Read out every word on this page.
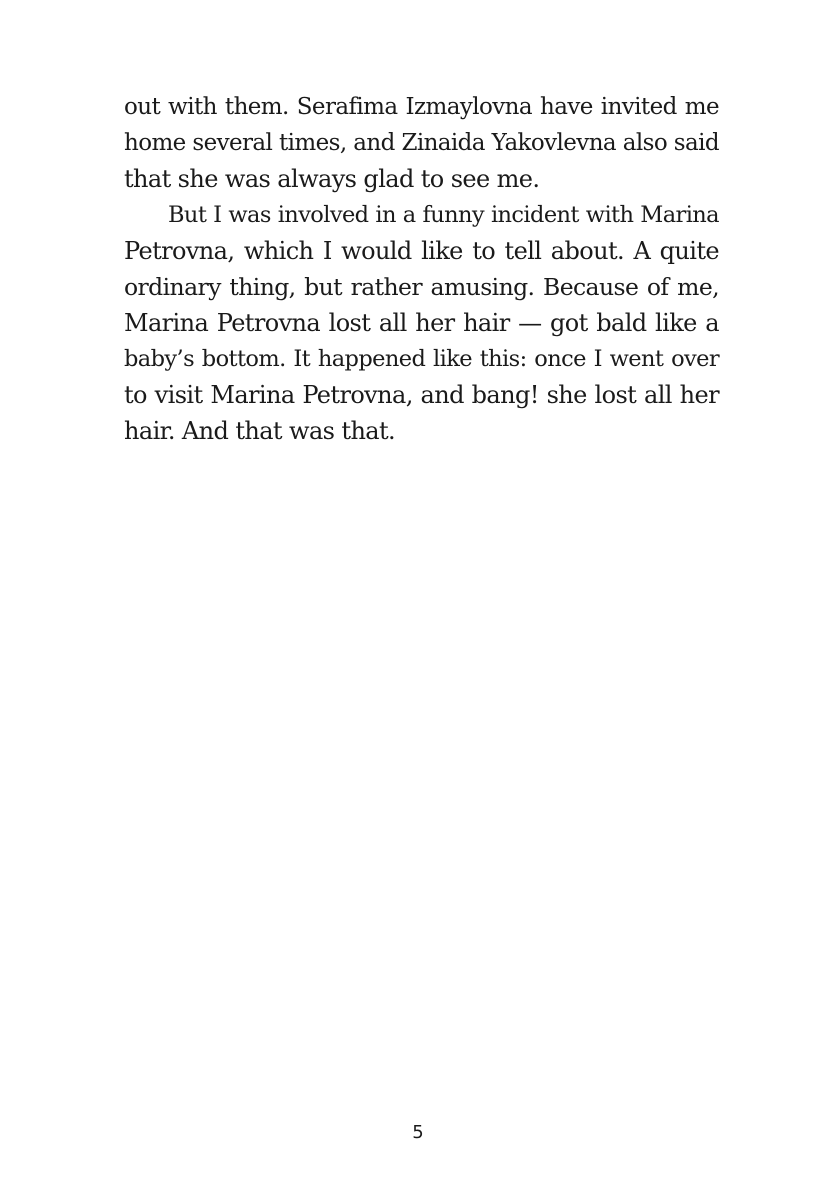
out with them. Serafima Izmaylovna have invited me
home several times, and Zinaida Yakovlevna also said
that she was always glad to see me.
But I was involved in a funny incident with Marina
Petrovna, which I would like to tell about. A quite
ordinary thing, but rather amusing. Because of me,
Marina Petrovna lost all her hair — got bald like a
baby’s bottom. It happened like this: once I went over
to visit Marina Petrovna, and bang! she lost all her
hair. And that was that.
5
